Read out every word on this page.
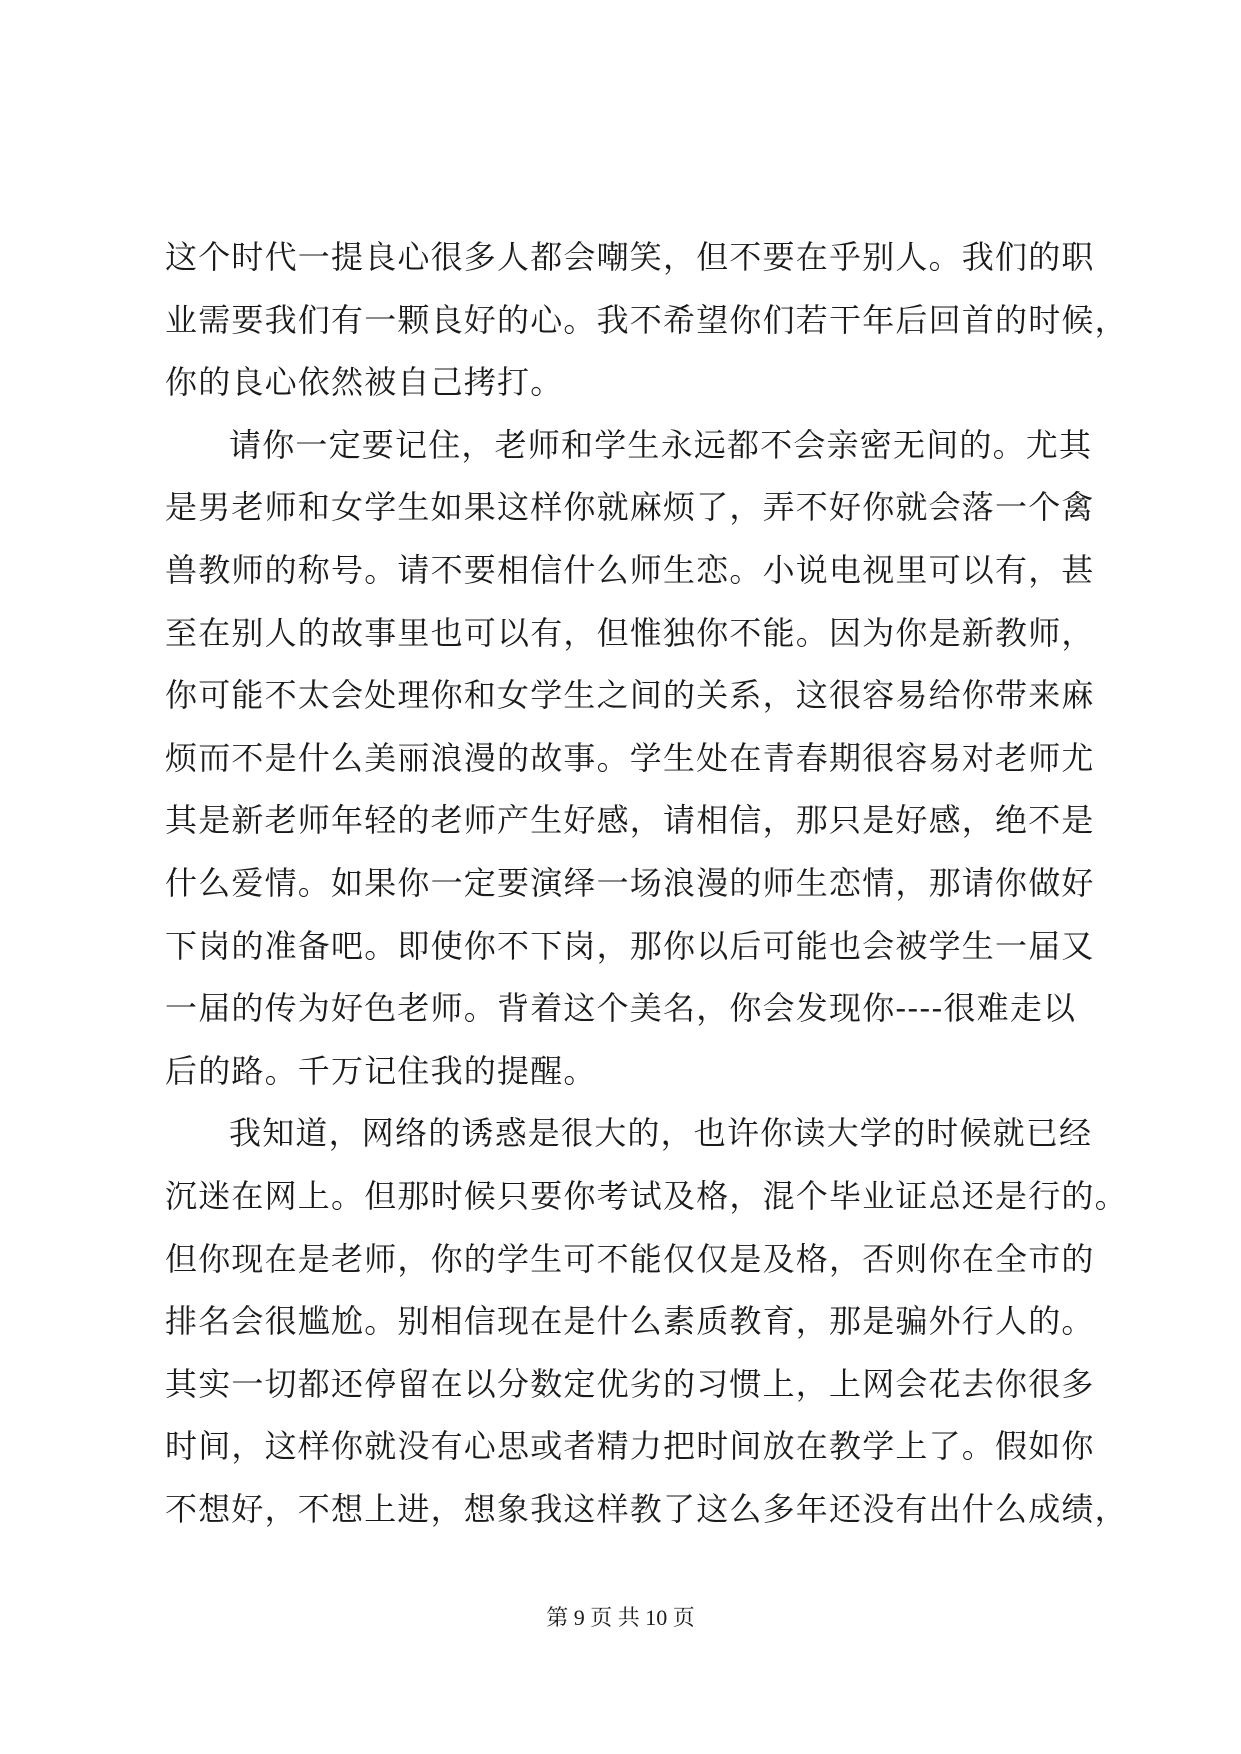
这个时代一提良心很多人都会嘲笑，但不要在乎别人。我们的职
业需要我们有一颗良好的心。我不希望你们若干年后回首的时候，
你的良心依然被自己拷打。
请你一定要记住，老师和学生永远都不会亲密无间的。尤其
是男老师和女学生如果这样你就麻烦了，弄不好你就会落一个禽
兽教师的称号。请不要相信什么师生恋。小说电视里可以有，甚
至在别人的故事里也可以有，但惟独你不能。因为你是新教师，
你可能不太会处理你和女学生之间的关系，这很容易给你带来麻
烦而不是什么美丽浪漫的故事。学生处在青春期很容易对老师尤
其是新老师年轻的老师产生好感，请相信，那只是好感，绝不是
什么爱情。如果你一定要演绎一场浪漫的师生恋情，那请你做好
下岗的准备吧。即使你不下岗，那你以后可能也会被学生一届又
一届的传为好色老师。背着这个美名，你会发现你----很难走以
后的路。千万记住我的提醒。
我知道，网络的诱惑是很大的，也许你读大学的时候就已经
沉迷在网上。但那时候只要你考试及格，混个毕业证总还是行的。
但你现在是老师，你的学生可不能仅仅是及格，否则你在全市的
排名会很尴尬。别相信现在是什么素质教育，那是骗外行人的。
其实一切都还停留在以分数定优劣的习惯上，上网会花去你很多
时间，这样你就没有心思或者精力把时间放在教学上了。假如你
不想好，不想上进，想象我这样教了这么多年还没有出什么成绩，
第 9 页 共 10 页
